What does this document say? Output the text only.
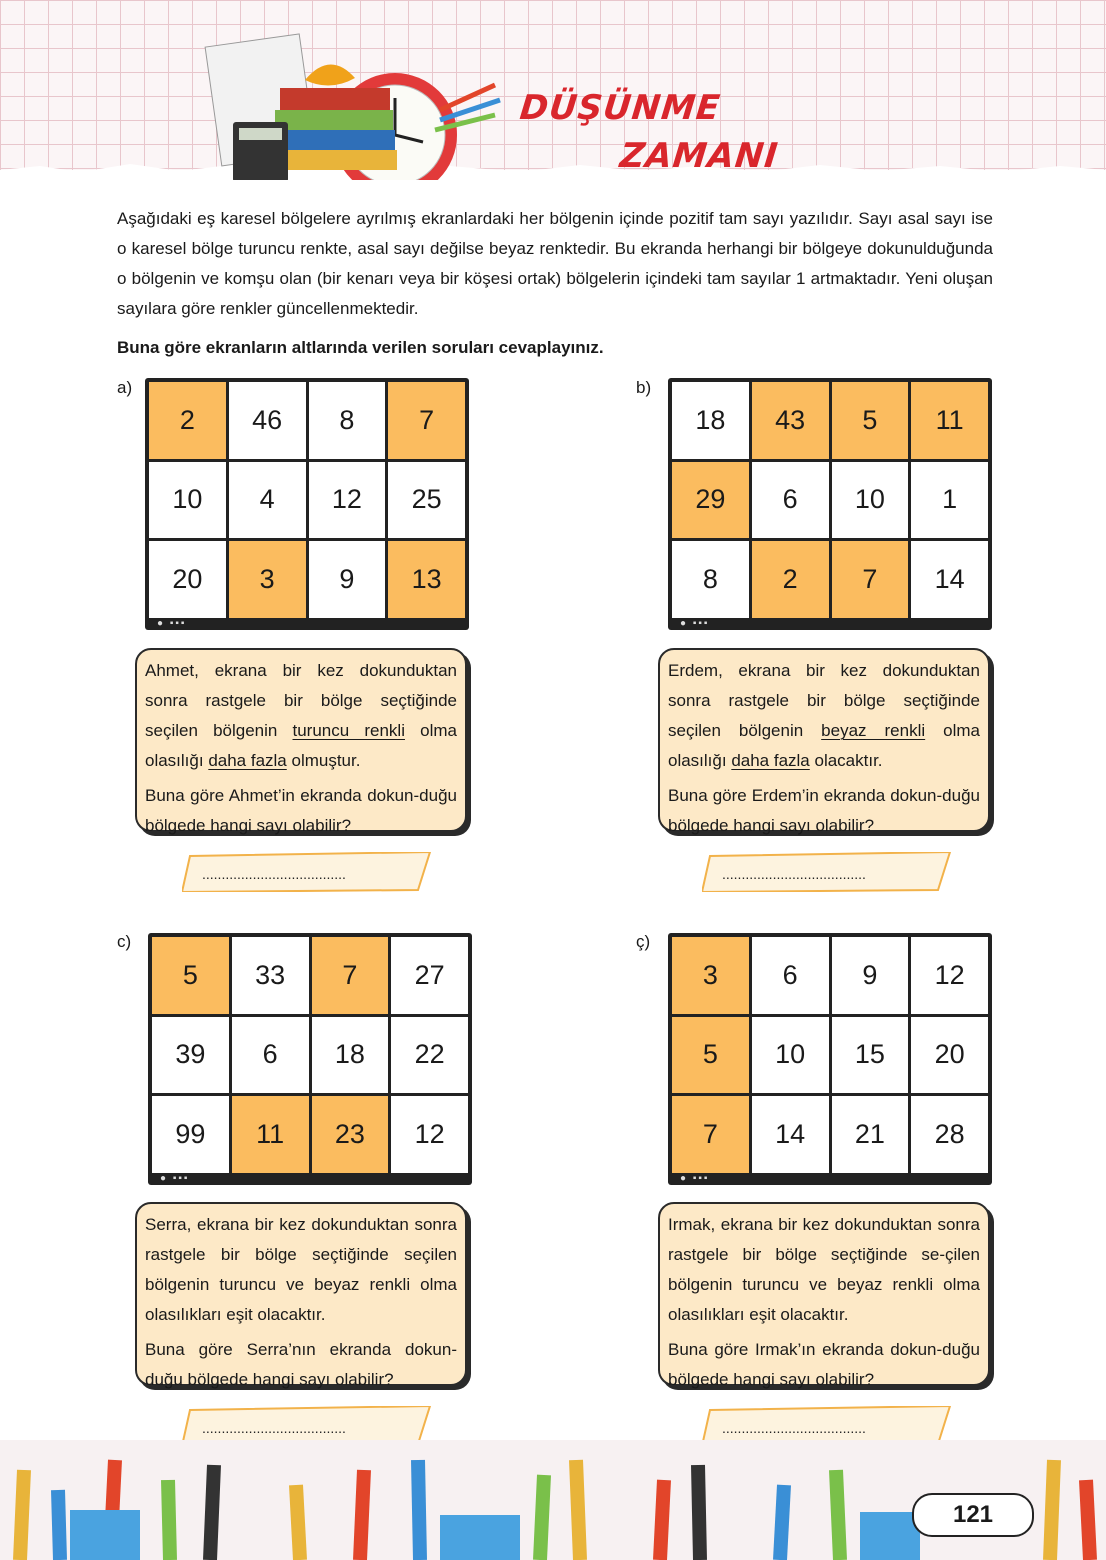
DÜŞÜNME
ZAMANI
Aşağıdaki eş karesel bölgelere ayrılmış ekranlardaki her bölgenin içinde pozitif tam sayı yazılıdır. Sayı asal sayı ise o karesel bölge turuncu renkte, asal sayı değilse beyaz renktedir. Bu ekranda herhangi bir bölgeye dokunulduğunda o bölgenin ve komşu olan (bir kenarı veya bir köşesi ortak) bölgelerin içindeki tam sayılar 1 artmaktadır. Yeni oluşan sayılara göre renkler güncellenmektedir.
Buna göre ekranların altlarında verilen soruları cevaplayınız.
a)
2	46	8	7
10	4	12	25
20	3	9	13
● ▪▪▪

Ahmet, ekrana bir kez dokunduktan sonra rastgele bir bölge seçtiğinde seçilen bölgenin turuncu renkli olma olasılığı daha fazla olmuştur.

Buna göre Ahmet’in ekranda dokun-duğu bölgede hangi sayı olabilir?

.....................................
b)
18	43	5	11
29	6	10	1
8	2	7	14
● ▪▪▪

Erdem, ekrana bir kez dokunduktan sonra rastgele bir bölge seçtiğinde seçilen bölgenin beyaz renkli olma olasılığı daha fazla olacaktır.

Buna göre Erdem’in ekranda dokun-duğu bölgede hangi sayı olabilir?

.....................................
c)
5	33	7	27
39	6	18	22
99	11	23	12
● ▪▪▪

Serra, ekrana bir kez dokunduktan sonra rastgele bir bölge seçtiğinde seçilen bölgenin turuncu ve beyaz renkli olma olasılıkları eşit olacaktır.

Buna göre Serra’nın ekranda dokun-duğu bölgede hangi sayı olabilir?

.....................................
ç)
3	6	9	12
5	10	15	20
7	14	21	28
● ▪▪▪

Irmak, ekrana bir kez dokunduktan sonra rastgele bir bölge seçtiğinde se-çilen bölgenin turuncu ve beyaz renkli olma olasılıkları eşit olacaktır.

Buna göre Irmak’ın ekranda dokun-duğu bölgede hangi sayı olabilir?

.....................................
121
